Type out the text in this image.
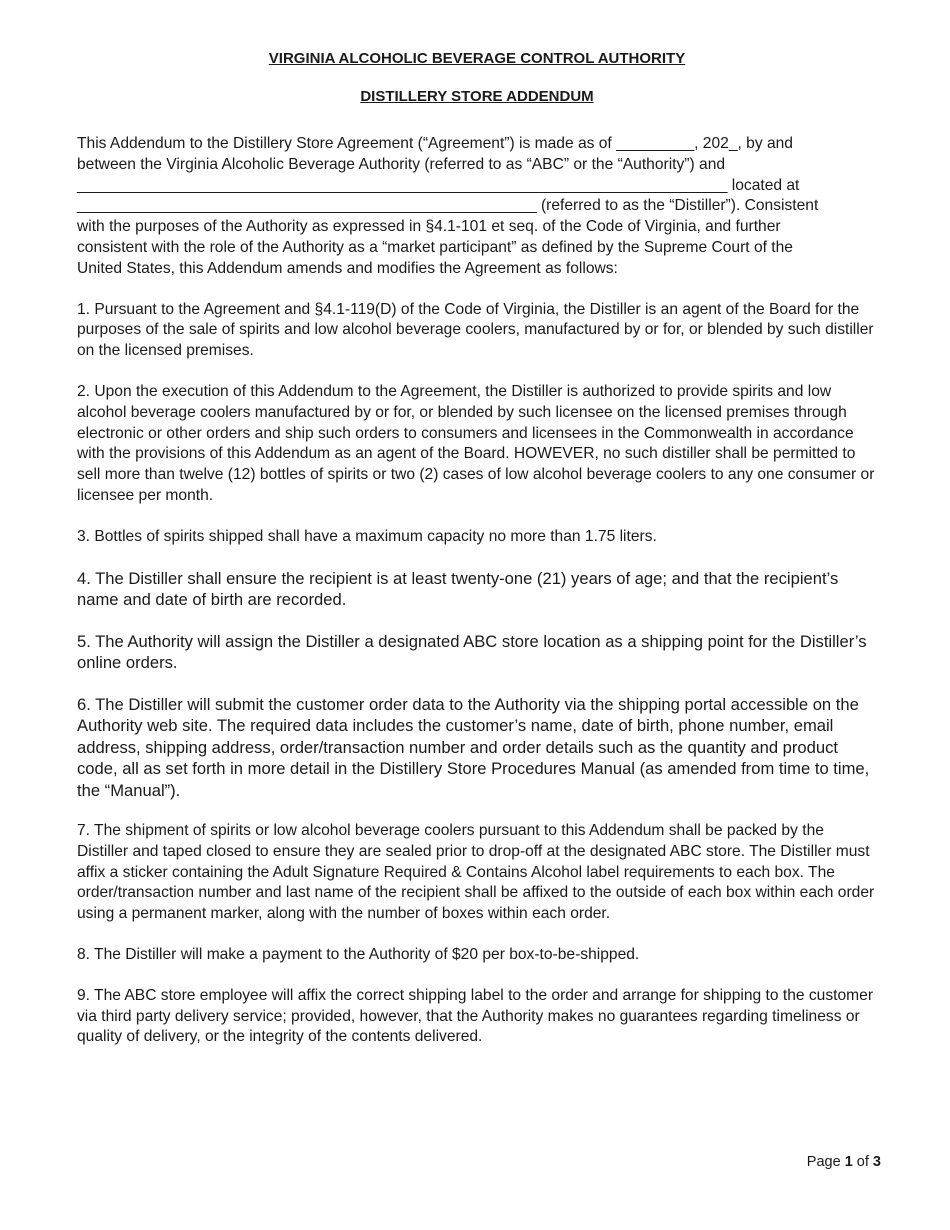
VIRGINIA ALCOHOLIC BEVERAGE CONTROL AUTHORITY

DISTILLERY STORE ADDENDUM

This Addendum to the Distillery Store Agreement (“Agreement”) is made as of _________, 202_, by and
between the Virginia Alcoholic Beverage Authority (referred to as “ABC” or the “Authority”) and
___________________________________________________________________________ located at
_____________________________________________________ (referred to as the “Distiller”). Consistent
with the purposes of the Authority as expressed in §4.1-101 et seq. of the Code of Virginia, and further
consistent with the role of the Authority as a “market participant” as defined by the Supreme Court of the
United States, this Addendum amends and modifies the Agreement as follows:

1. Pursuant to the Agreement and §4.1-119(D) of the Code of Virginia, the Distiller is an agent of the Board for the purposes of the sale of spirits and low alcohol beverage coolers, manufactured by or for, or blended by such distiller on the licensed premises.

2. Upon the execution of this Addendum to the Agreement, the Distiller is authorized to provide spirits and low alcohol beverage coolers manufactured by or for, or blended by such licensee on the licensed premises through electronic or other orders and ship such orders to consumers and licensees in the Commonwealth in accordance with the provisions of this Addendum as an agent of the Board. HOWEVER, no such distiller shall be permitted to sell more than twelve (12) bottles of spirits or two (2) cases of low alcohol beverage coolers to any one consumer or licensee per month.

3. Bottles of spirits shipped shall have a maximum capacity no more than 1.75 liters.

4. The Distiller shall ensure the recipient is at least twenty-one (21) years of age; and that the recipient’s name and date of birth are recorded.

5. The Authority will assign the Distiller a designated ABC store location as a shipping point for the Distiller’s online orders.

6. The Distiller will submit the customer order data to the Authority via the shipping portal accessible on the Authority web site. The required data includes the customer’s name, date of birth, phone number, email address, shipping address, order/transaction number and order details such as the quantity and product code, all as set forth in more detail in the Distillery Store Procedures Manual (as amended from time to time, the “Manual”).

7. The shipment of spirits or low alcohol beverage coolers pursuant to this Addendum shall be packed by the Distiller and taped closed to ensure they are sealed prior to drop-off at the designated ABC store. The Distiller must affix a sticker containing the Adult Signature Required & Contains Alcohol label requirements to each box. The order/transaction number and last name of the recipient shall be affixed to the outside of each box within each order using a permanent marker, along with the number of boxes within each order.

8. The Distiller will make a payment to the Authority of $20 per box-to-be-shipped.

9. The ABC store employee will affix the correct shipping label to the order and arrange for shipping to the customer via third party delivery service; provided, however, that the Authority makes no guarantees regarding timeliness or quality of delivery, or the integrity of the contents delivered.

Page 1 of 3
